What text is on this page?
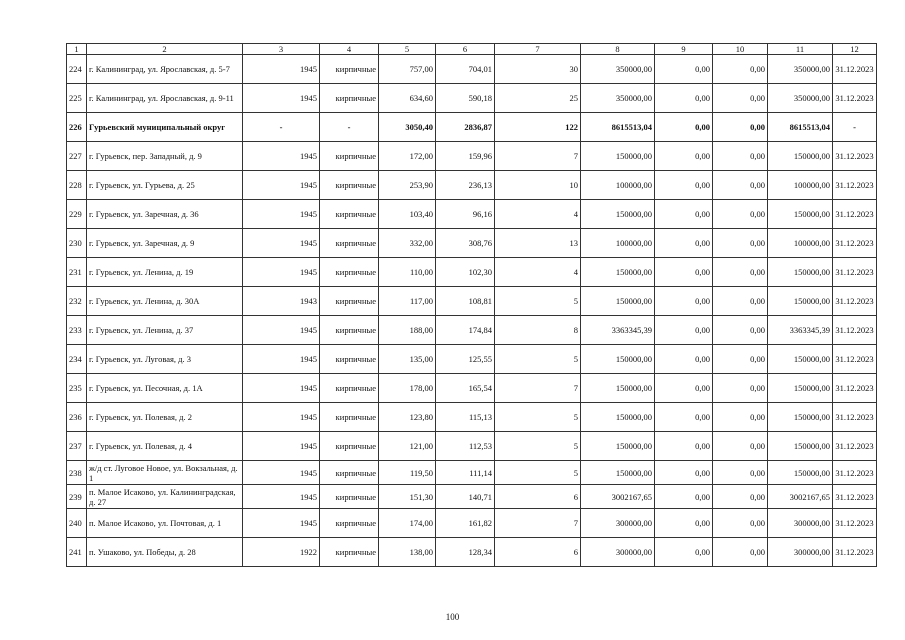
1	2	3	4	5	6	7	8	9	10	11	12
224	г. Калининград, ул. Ярославская, д. 5-7	1945	кирпичные	757,00	704,01	30	350000,00	0,00	0,00	350000,00	31.12.2023
225	г. Калининград, ул. Ярославская, д. 9-11	1945	кирпичные	634,60	590,18	25	350000,00	0,00	0,00	350000,00	31.12.2023
226	Гурьевский муниципальный округ	-	-	3050,40	2836,87	122	8615513,04	0,00	0,00	8615513,04	-
227	г. Гурьевск, пер. Западный, д. 9	1945	кирпичные	172,00	159,96	7	150000,00	0,00	0,00	150000,00	31.12.2023
228	г. Гурьевск, ул. Гурьева, д. 25	1945	кирпичные	253,90	236,13	10	100000,00	0,00	0,00	100000,00	31.12.2023
229	г. Гурьевск, ул. Заречная, д. 36	1945	кирпичные	103,40	96,16	4	150000,00	0,00	0,00	150000,00	31.12.2023
230	г. Гурьевск, ул. Заречная, д. 9	1945	кирпичные	332,00	308,76	13	100000,00	0,00	0,00	100000,00	31.12.2023
231	г. Гурьевск, ул. Ленина, д. 19	1945	кирпичные	110,00	102,30	4	150000,00	0,00	0,00	150000,00	31.12.2023
232	г. Гурьевск, ул. Ленина, д. 30А	1943	кирпичные	117,00	108,81	5	150000,00	0,00	0,00	150000,00	31.12.2023
233	г. Гурьевск, ул. Ленина, д. 37	1945	кирпичные	188,00	174,84	8	3363345,39	0,00	0,00	3363345,39	31.12.2023
234	г. Гурьевск, ул. Луговая, д. 3	1945	кирпичные	135,00	125,55	5	150000,00	0,00	0,00	150000,00	31.12.2023
235	г. Гурьевск, ул. Песочная, д. 1А	1945	кирпичные	178,00	165,54	7	150000,00	0,00	0,00	150000,00	31.12.2023
236	г. Гурьевск, ул. Полевая, д. 2	1945	кирпичные	123,80	115,13	5	150000,00	0,00	0,00	150000,00	31.12.2023
237	г. Гурьевск, ул. Полевая, д. 4	1945	кирпичные	121,00	112,53	5	150000,00	0,00	0,00	150000,00	31.12.2023
238	ж/д ст. Луговое Новое, ул. Вокзальная, д. 1	1945	кирпичные	119,50	111,14	5	150000,00	0,00	0,00	150000,00	31.12.2023
239	п. Малое Исаково, ул. Калининградская, д. 27	1945	кирпичные	151,30	140,71	6	3002167,65	0,00	0,00	3002167,65	31.12.2023
240	п. Малое Исаково, ул. Почтовая, д. 1	1945	кирпичные	174,00	161,82	7	300000,00	0,00	0,00	300000,00	31.12.2023
241	п. Ушаково, ул. Победы, д. 28	1922	кирпичные	138,00	128,34	6	300000,00	0,00	0,00	300000,00	31.12.2023
100
